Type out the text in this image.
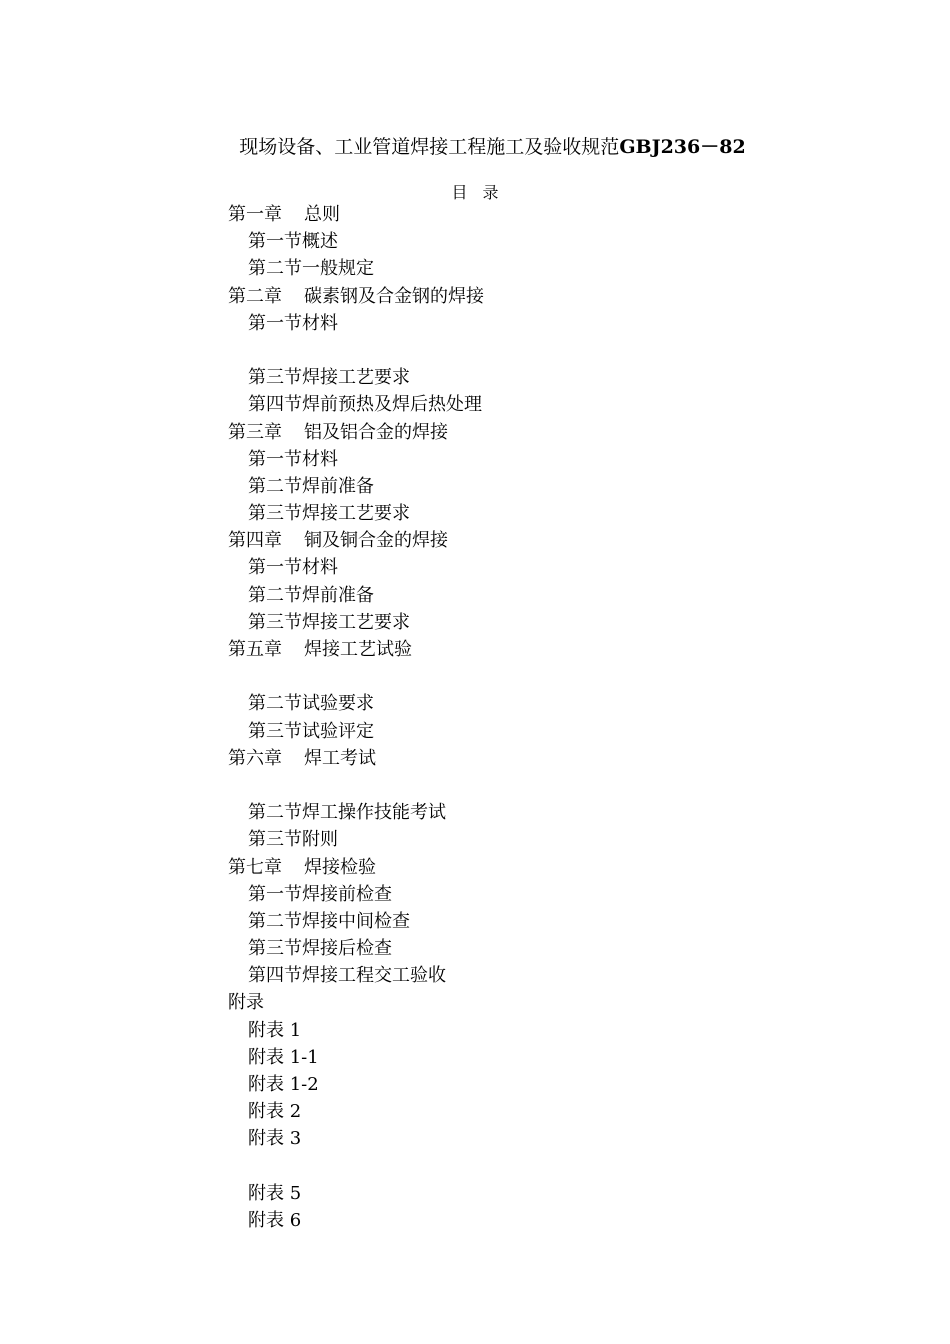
现场设备、工业管道焊接工程施工及验收规范GBJ236－82
目 录
第一章 总则
第一节概述
第二节一般规定
第二章 碳素钢及合金钢的焊接
第一节材料
第三节焊接工艺要求
第四节焊前预热及焊后热处理
第三章 铝及铝合金的焊接
第一节材料
第二节焊前准备
第三节焊接工艺要求
第四章 铜及铜合金的焊接
第一节材料
第二节焊前准备
第三节焊接工艺要求
第五章 焊接工艺试验
第二节试验要求
第三节试验评定
第六章 焊工考试
第二节焊工操作技能考试
第三节附则
第七章 焊接检验
第一节焊接前检查
第二节焊接中间检查
第三节焊接后检查
第四节焊接工程交工验收
附录
附表 1
附表 1-1
附表 1-2
附表 2
附表 3
附表 5
附表 6
